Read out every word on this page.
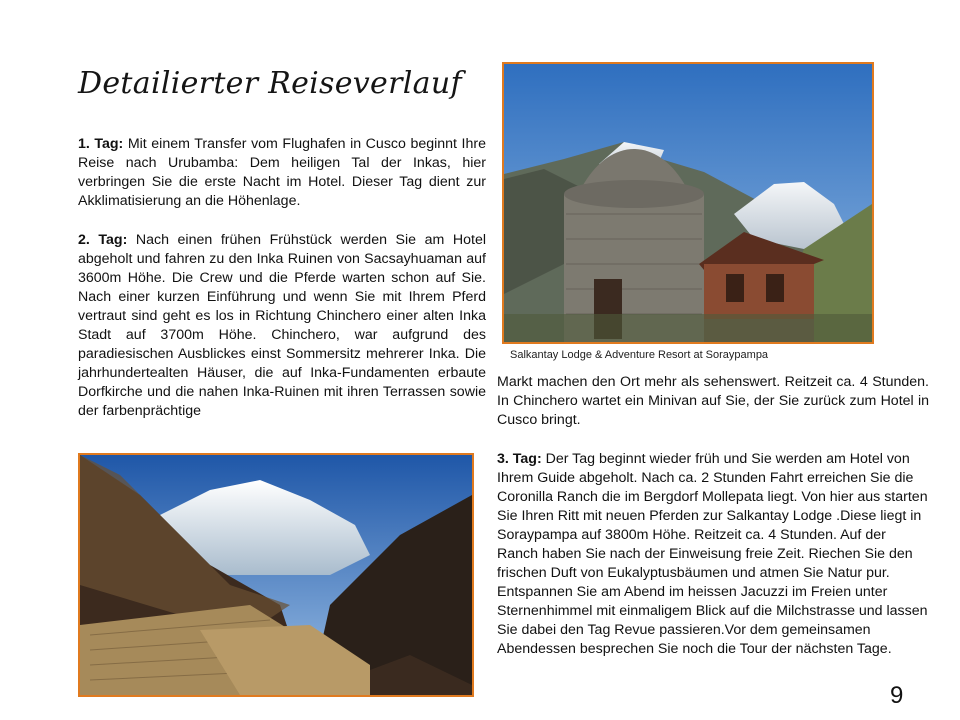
Detailierter Reiseverlauf

1. Tag: Mit einem Transfer vom Flughafen in Cusco beginnt Ihre Reise nach Urubamba: Dem heiligen Tal der Inkas, hier verbringen Sie die erste Nacht im Hotel. Dieser Tag dient zur Akklimatisierung an die Höhenlage.

2. Tag: Nach einen frühen Frühstück werden Sie am Hotel abgeholt und fahren zu den Inka Ruinen von Sacsayhuaman auf 3600m Höhe. Die Crew und die Pferde warten schon auf Sie. Nach einer kurzen Einführung und wenn Sie mit Ihrem Pferd vertraut sind geht es los in Richtung Chinchero einer alten Inka Stadt auf 3700m Höhe. Chinchero, war aufgrund des paradiesischen Ausblickes einst Sommersitz mehrerer Inka. Die jahrhundertealten Häuser, die auf Inka-Fundamenten erbaute Dorfkirche und die nahen Inka-Ruinen mit ihren Terrassen sowie der farbenprächtige

Salkantay Lodge & Adventure Resort at Soraypampa

Markt machen den Ort mehr als sehenswert. Reitzeit ca. 4 Stunden. In Chinchero wartet ein Minivan auf Sie, der Sie zurück zum Hotel in Cusco bringt.

3. Tag: Der Tag beginnt wieder früh und Sie werden am Hotel von Ihrem Guide abgeholt. Nach ca. 2 Stunden Fahrt erreichen Sie die Coronilla Ranch die im Bergdorf Mollepata liegt. Von hier aus starten Sie Ihren Ritt mit neuen Pferden zur Salkantay Lodge .Diese liegt in Soraypampa auf 3800m Höhe. Reitzeit ca. 4 Stunden. Auf der Ranch haben Sie nach der Einweisung freie Zeit. Riechen Sie den frischen Duft von Eukalyptusbäumen und atmen Sie Natur pur. Entspannen Sie am Abend im heissen Jacuzzi im Freien unter Sternenhimmel mit einmaligem Blick auf die Milchstrasse und lassen Sie dabei den Tag Revue passieren.Vor dem gemeinsamen Abendessen besprechen Sie noch die Tour der nächsten Tage.

9
